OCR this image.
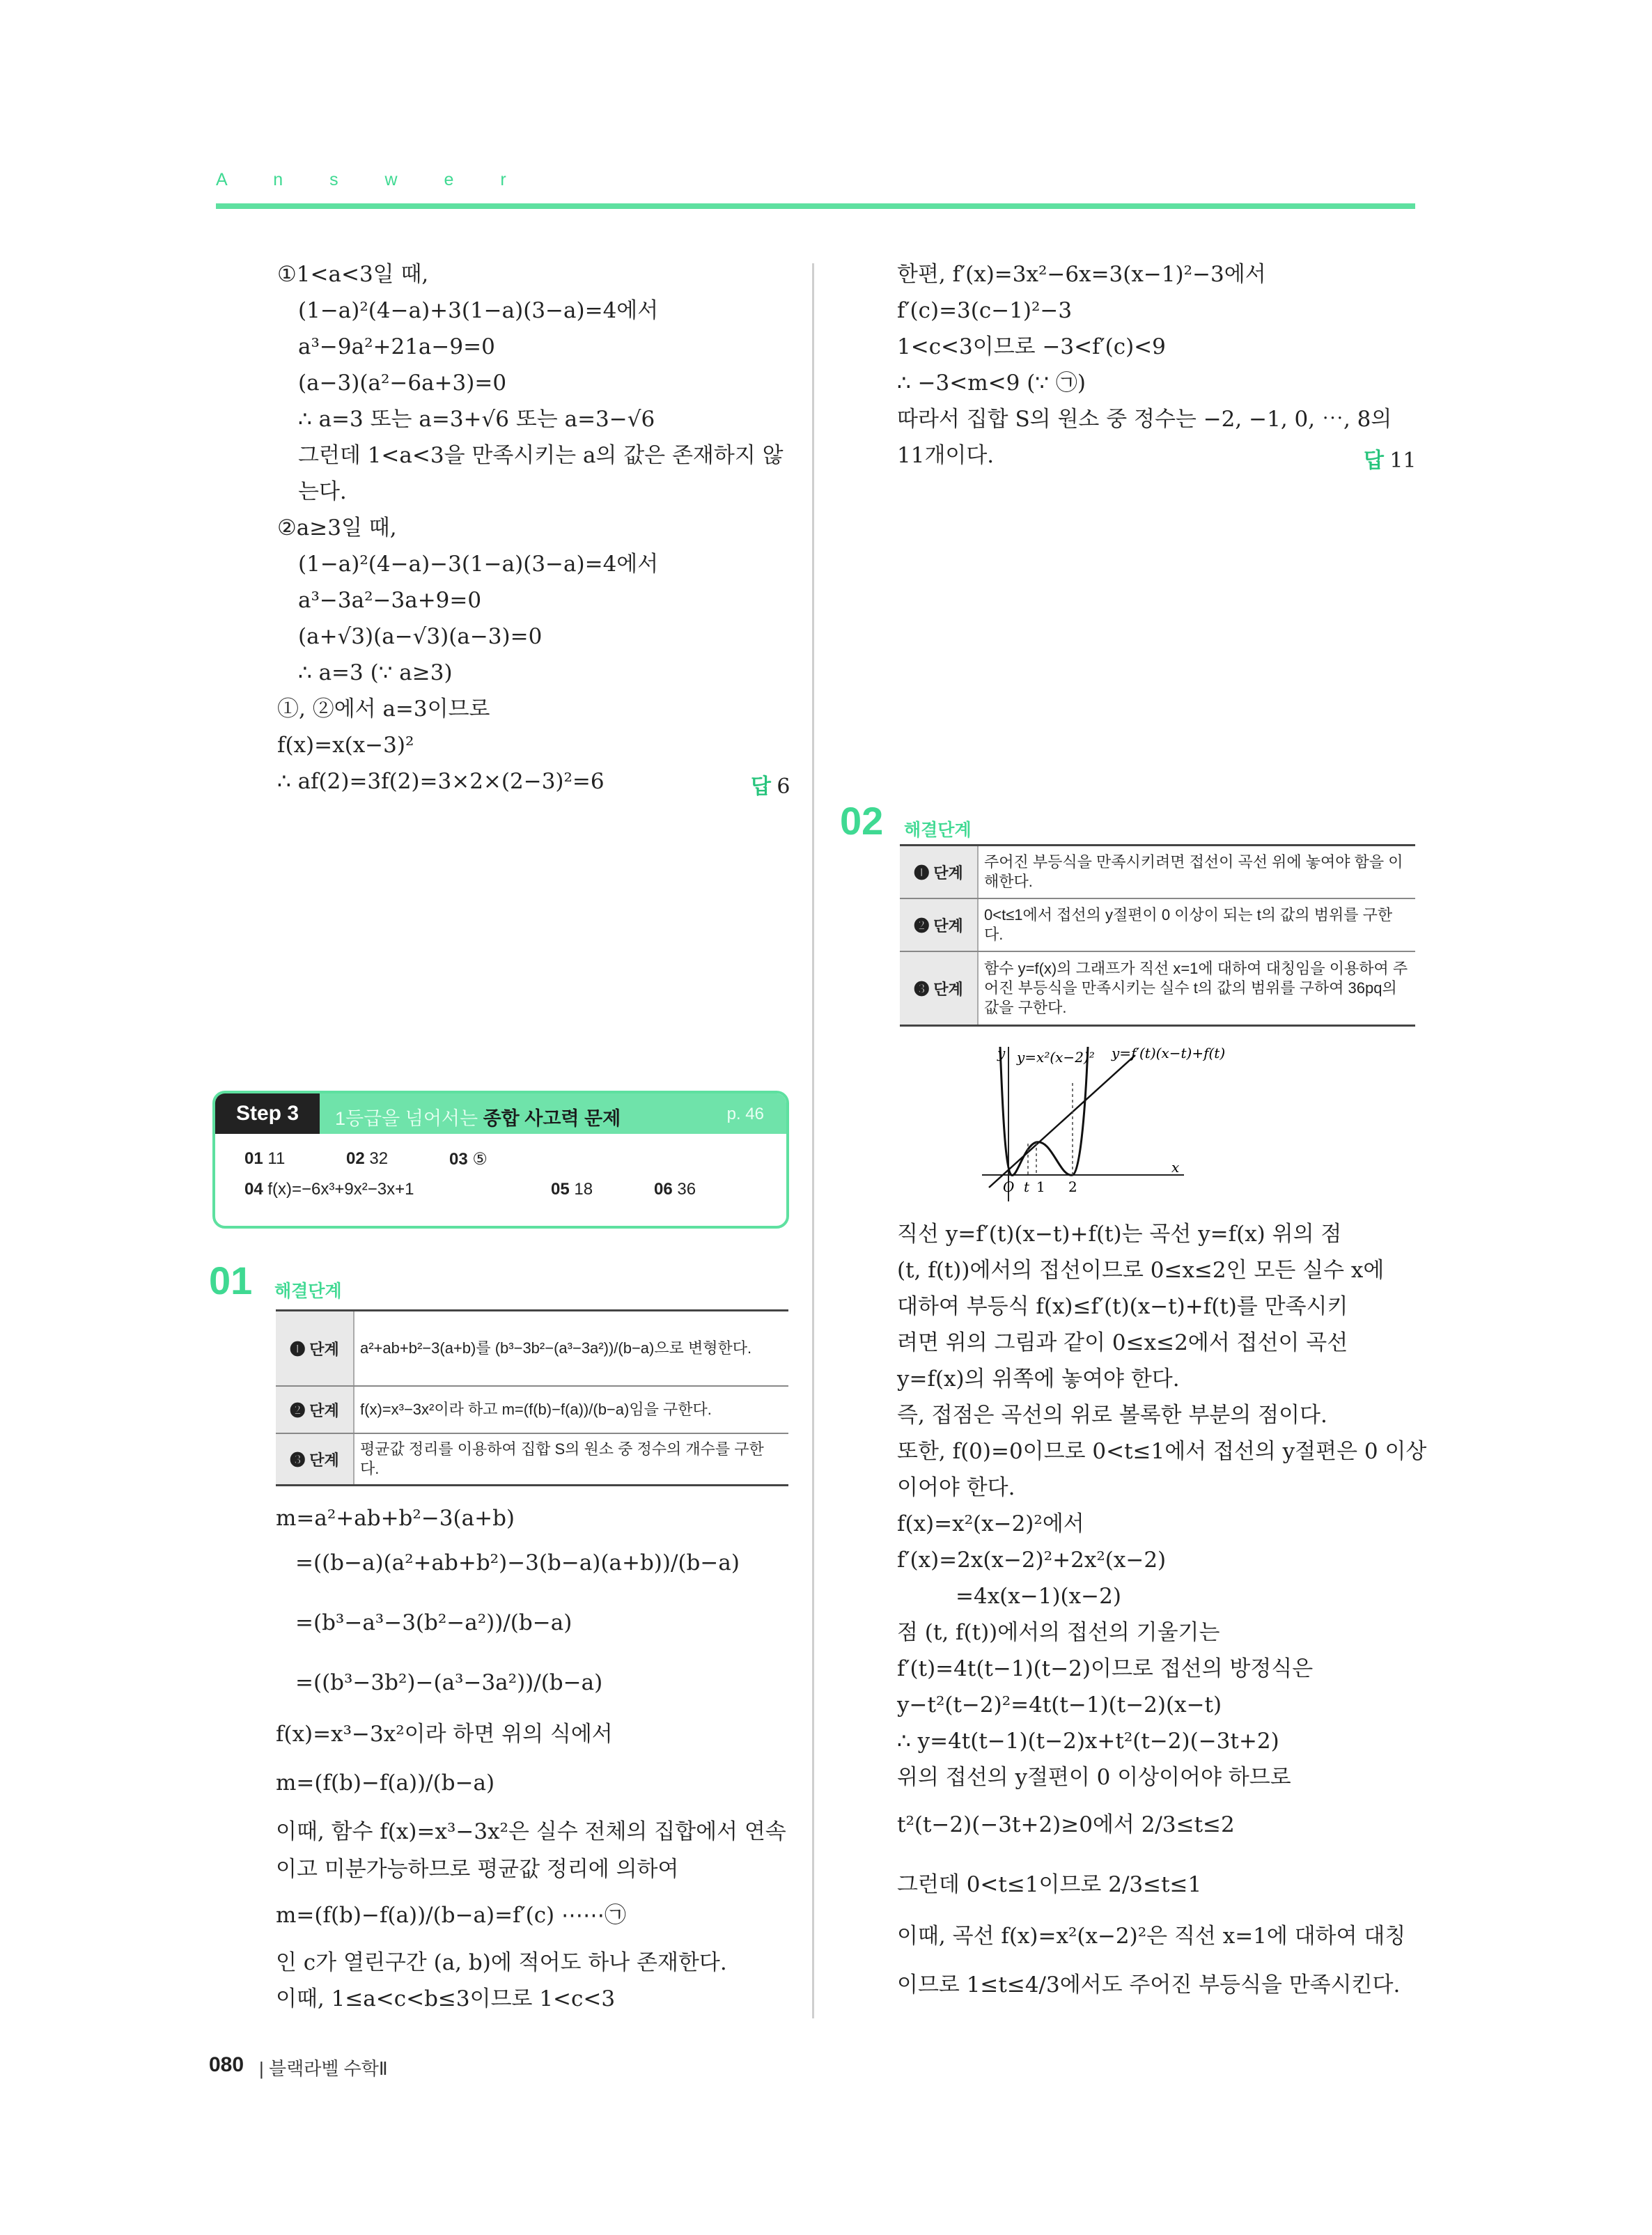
A n s w e r
①1<a<3일 때,
(1−a)²(4−a)+3(1−a)(3−a)=4에서
a³−9a²+21a−9=0
(a−3)(a²−6a+3)=0
∴ a=3 또는 a=3+√6 또는 a=3−√6
그런데 1<a<3을 만족시키는 a의 값은 존재하지 않
는다.
②a≥3일 때,
(1−a)²(4−a)−3(1−a)(3−a)=4에서
a³−3a²−3a+9=0
(a+√3)(a−√3)(a−3)=0
∴ a=3 (∵ a≥3)
①, ②에서 a=3이므로
f(x)=x(x−3)²
∴ af(2)=3f(2)=3×2×(2−3)²=6	답 6
한편, f′(x)=3x²−6x=3(x−1)²−3에서
f′(c)=3(c−1)²−3
1<c<3이므로 −3<f′(c)<9
∴ −3<m<9 (∵ ㉠)
따라서 집합 S의 원소 중 정수는 −2, −1, 0, ⋯, 8의
11개이다.	답 11
Step 3	1등급을 넘어서는 종합 사고력 문제	p. 46
01 11	02 32	03 ⑤
04 f(x)=−6x³+9x²−3x+1	05 18	06 36
01 해결단계
❶ 단계	a²+ab+b²−3(a+b)를 (b³−3b²−(a³−3a²))/(b−a)으로 변형한다.
❷ 단계	f(x)=x³−3x²이라 하고 m=(f(b)−f(a))/(b−a)임을 구한다.
❸ 단계	평균값 정리를 이용하여 집합 S의 원소 중 정수의 개수를 구한다.
m=a²+ab+b²−3(a+b)
=((b−a)(a²+ab+b²)−3(b−a)(a+b))/(b−a)
=(b³−a³−3(b²−a²))/(b−a)
=((b³−3b²)−(a³−3a²))/(b−a)
f(x)=x³−3x²이라 하면 위의 식에서
m=(f(b)−f(a))/(b−a)
이때, 함수 f(x)=x³−3x²은 실수 전체의 집합에서 연속
이고 미분가능하므로 평균값 정리에 의하여
m=(f(b)−f(a))/(b−a)=f′(c) ⋯⋯㉠
인 c가 열린구간 (a, b)에 적어도 하나 존재한다.
이때, 1≤a<c<b≤3이므로 1<c<3
02 해결단계
❶ 단계	주어진 부등식을 만족시키려면 접선이 곡선 위에 놓여야 함을 이해한다.
❷ 단계	0<t≤1에서 접선의 y절편이 0 이상이 되는 t의 값의 범위를 구한다.
❸ 단계	함수 y=f(x)의 그래프가 직선 x=1에 대하여 대칭임을 이용하여 주어진 부등식을 만족시키는 실수 t의 값의 범위를 구하여 36pq의 값을 구한다.
O t 1 2
x
y y=x²(x−2)² y=f′(t)(x−t)+f(t)
직선 y=f′(t)(x−t)+f(t)는 곡선 y=f(x) 위의 점
(t, f(t))에서의 접선이므로 0≤x≤2인 모든 실수 x에
대하여 부등식 f(x)≤f′(t)(x−t)+f(t)를 만족시키
려면 위의 그림과 같이 0≤x≤2에서 접선이 곡선
y=f(x)의 위쪽에 놓여야 한다.
즉, 접점은 곡선의 위로 볼록한 부분의 점이다.
또한, f(0)=0이므로 0<t≤1에서 접선의 y절편은 0 이상
이어야 한다.
f(x)=x²(x−2)²에서
f′(x)=2x(x−2)²+2x²(x−2)
=4x(x−1)(x−2)
점 (t, f(t))에서의 접선의 기울기는
f′(t)=4t(t−1)(t−2)이므로 접선의 방정식은
y−t²(t−2)²=4t(t−1)(t−2)(x−t)
∴ y=4t(t−1)(t−2)x+t²(t−2)(−3t+2)
위의 접선의 y절편이 0 이상이어야 하므로
t²(t−2)(−3t+2)≥0에서 2/3≤t≤2
그런데 0<t≤1이므로 2/3≤t≤1
이때, 곡선 f(x)=x²(x−2)²은 직선 x=1에 대하여 대칭
이므로 1≤t≤4/3에서도 주어진 부등식을 만족시킨다.
080 | 블랙라벨 수학Ⅱ
